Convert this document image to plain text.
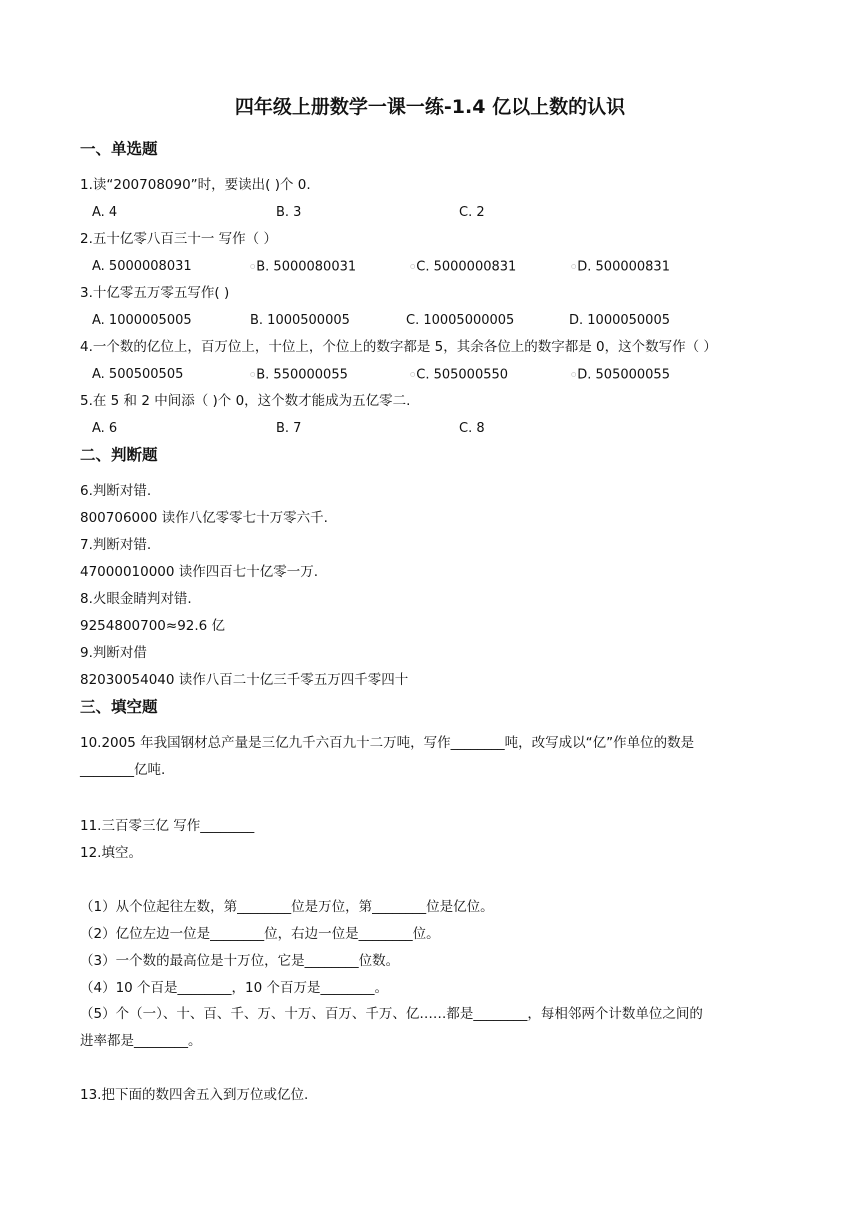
四年级上册数学一课一练-1.4 亿以上数的认识
一、单选题
1.读“200708090”时，要读出( )个 0.
A. 4	B. 3	C. 2
2.五十亿零八百三十一 写作（ ）
A. 5000008031	○B. 5000080031	○C. 5000000831	○D. 500000831
3.十亿零五万零五写作( )
A. 1000005005	B. 1000500005	C. 10005000005	D. 1000050005
4.一个数的亿位上，百万位上，十位上，个位上的数字都是 5，其余各位上的数字都是 0，这个数写作（ ）
A. 500500505	○B. 550000055	○C. 505000550	○D. 505000055
5.在 5 和 2 中间添（ )个 0，这个数才能成为五亿零二.
A. 6	B. 7	C. 8
二、判断题
6.判断对错.
800706000 读作八亿零零七十万零六千.
7.判断对错.
47000010000 读作四百七十亿零一万.
8.火眼金睛判对错.
9254800700≈92.6 亿
9.判断对借
82030054040 读作八百二十亿三千零五万四千零四十
三、填空题
10.2005 年我国钢材总产量是三亿九千六百九十二万吨，写作________吨，改写成以“亿”作单位的数是
________亿吨.
11.三百零三亿 写作________
12.填空。
（1）从个位起往左数，第________位是万位，第________位是亿位。
（2）亿位左边一位是________位，右边一位是________位。
（3）一个数的最高位是十万位，它是________位数。
（4）10 个百是________，10 个百万是________。
（5）个（一）、十、百、千、万、十万、百万、千万、亿……都是________，每相邻两个计数单位之间的
进率都是________。
13.把下面的数四舍五入到万位或亿位.
